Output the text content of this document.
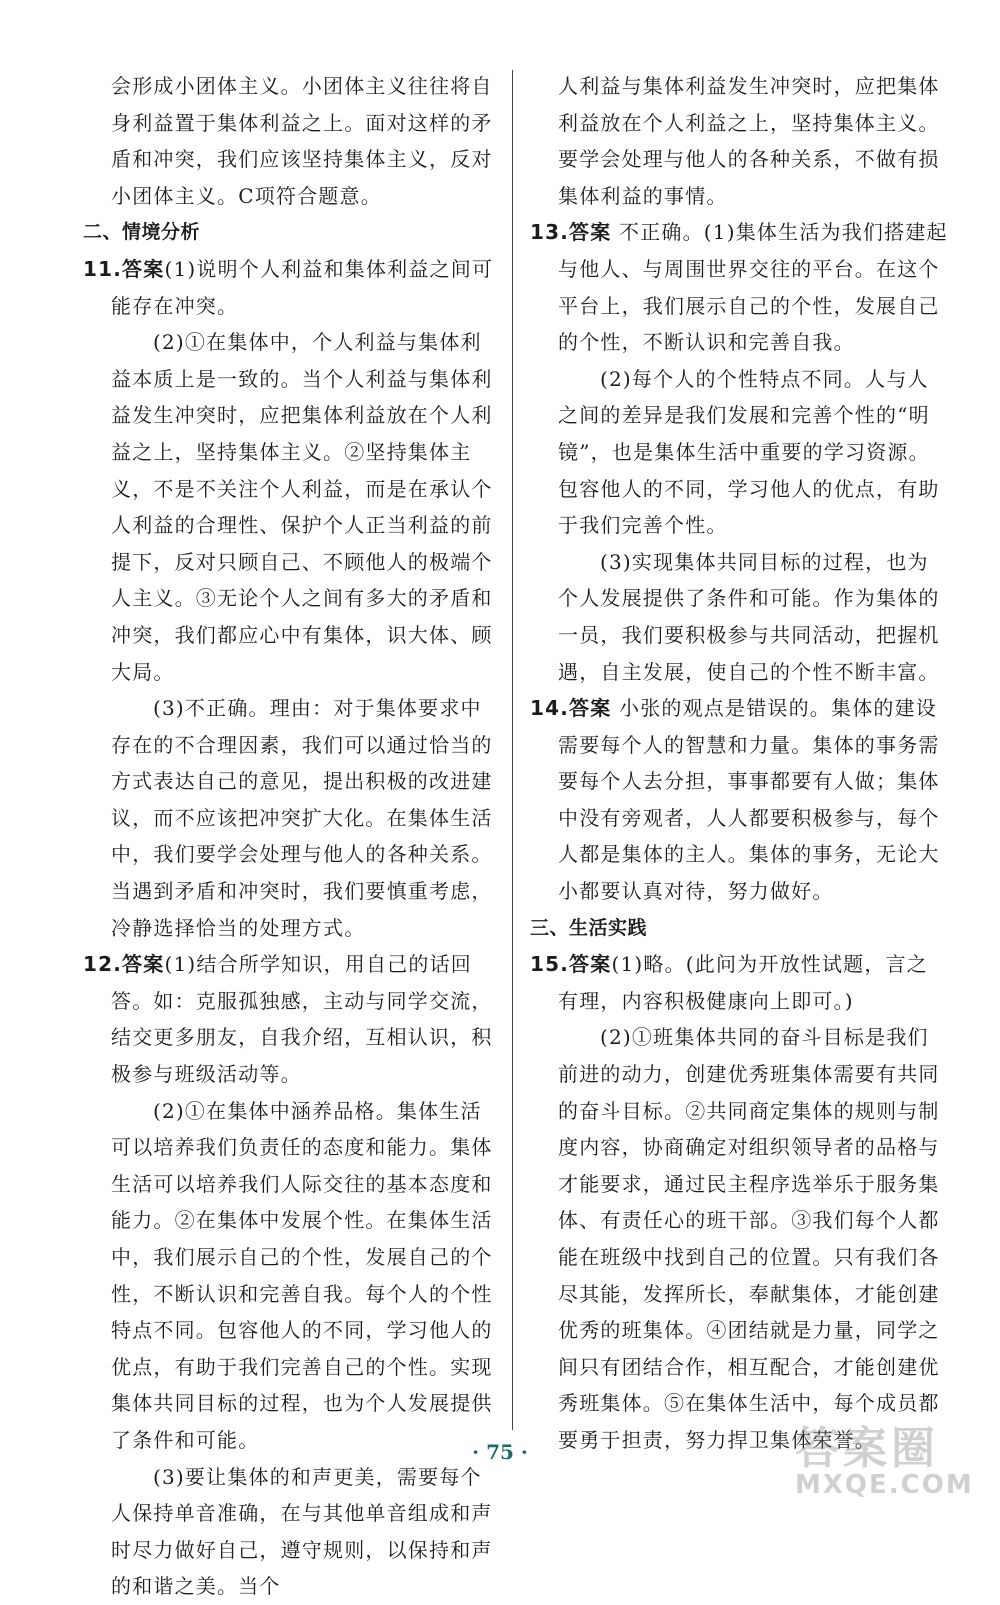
会形成小团体主义。小团体主义往往将自身利益置于集体利益之上。面对这样的矛盾和冲突，我们应该坚持集体主义，反对小团体主义。C项符合题意。

二、情境分析

11.答案(1)说明个人利益和集体利益之间可能存在冲突。

(2)①在集体中，个人利益与集体利益本质上是一致的。当个人利益与集体利益发生冲突时，应把集体利益放在个人利益之上，坚持集体主义。②坚持集体主义，不是不关注个人利益，而是在承认个人利益的合理性、保护个人正当利益的前提下，反对只顾自己、不顾他人的极端个人主义。③无论个人之间有多大的矛盾和冲突，我们都应心中有集体，识大体、顾大局。

(3)不正确。理由：对于集体要求中存在的不合理因素，我们可以通过恰当的方式表达自己的意见，提出积极的改进建议，而不应该把冲突扩大化。在集体生活中，我们要学会处理与他人的各种关系。当遇到矛盾和冲突时，我们要慎重考虑，冷静选择恰当的处理方式。

12.答案(1)结合所学知识，用自己的话回答。如：克服孤独感，主动与同学交流，结交更多朋友，自我介绍，互相认识，积极参与班级活动等。

(2)①在集体中涵养品格。集体生活可以培养我们负责任的态度和能力。集体生活可以培养我们人际交往的基本态度和能力。②在集体中发展个性。在集体生活中，我们展示自己的个性，发展自己的个性，不断认识和完善自我。每个人的个性特点不同。包容他人的不同，学习他人的优点，有助于我们完善自己的个性。实现集体共同目标的过程，也为个人发展提供了条件和可能。

(3)要让集体的和声更美，需要每个人保持单音准确，在与其他单音组成和声时尽力做好自己，遵守规则，以保持和声的和谐之美。当个

人利益与集体利益发生冲突时，应把集体利益放在个人利益之上，坚持集体主义。要学会处理与他人的各种关系，不做有损集体利益的事情。

13.答案 不正确。(1)集体生活为我们搭建起与他人、与周围世界交往的平台。在这个平台上，我们展示自己的个性，发展自己的个性，不断认识和完善自我。

(2)每个人的个性特点不同。人与人之间的差异是我们发展和完善个性的“明镜”，也是集体生活中重要的学习资源。包容他人的不同，学习他人的优点，有助于我们完善个性。

(3)实现集体共同目标的过程，也为个人发展提供了条件和可能。作为集体的一员，我们要积极参与共同活动，把握机遇，自主发展，使自己的个性不断丰富。

14.答案 小张的观点是错误的。集体的建设需要每个人的智慧和力量。集体的事务需要每个人去分担，事事都要有人做；集体中没有旁观者，人人都要积极参与，每个人都是集体的主人。集体的事务，无论大小都要认真对待，努力做好。

三、生活实践

15.答案(1)略。(此问为开放性试题，言之有理，内容积极健康向上即可。)

(2)①班集体共同的奋斗目标是我们前进的动力，创建优秀班集体需要有共同的奋斗目标。②共同商定集体的规则与制度内容，协商确定对组织领导者的品格与才能要求，通过民主程序选举乐于服务集体、有责任心的班干部。③我们每个人都能在班级中找到自己的位置。只有我们各尽其能，发挥所长，奉献集体，才能创建优秀的班集体。④团结就是力量，同学之间只有团结合作，相互配合，才能创建优秀班集体。⑤在集体生活中，每个成员都要勇于担责，努力捍卫集体荣誉。

· 75 ·	答案圈
MXQE.COM
